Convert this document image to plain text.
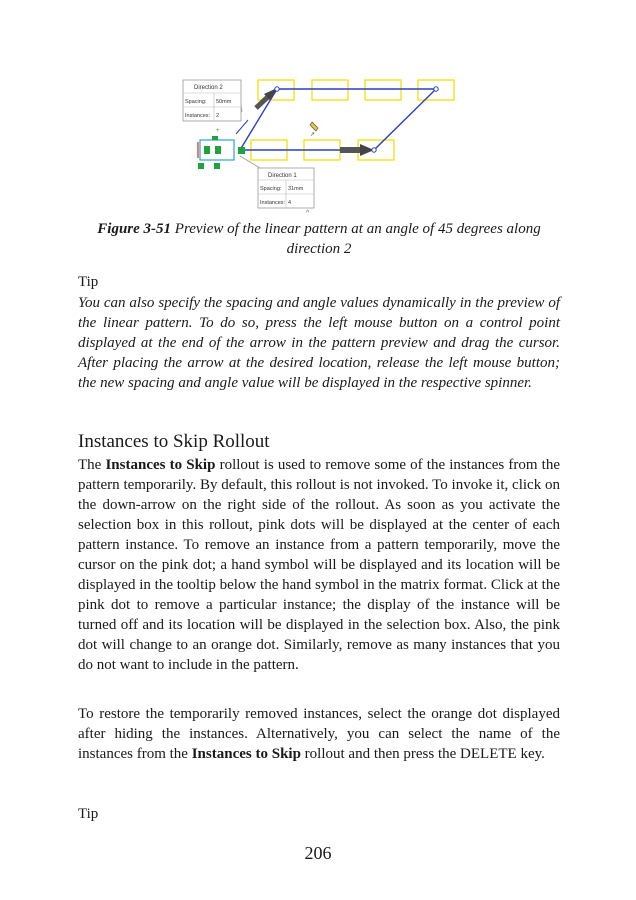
+
↗
Direction 2
Spacing: 50mm
Instances: 2
Direction 1
Spacing: 31mm
Instances: 4
^
Figure 3-51 Preview of the linear pattern at an angle of 45 degrees along direction 2
Tip
You can also specify the spacing and angle values dynamically in the preview of the linear pattern. To do so, press the left mouse button on a control point displayed at the end of the arrow in the pattern preview and drag the cursor. After placing the arrow at the desired location, release the left mouse button; the new spacing and angle value will be displayed in the respective spinner.
Instances to Skip Rollout
The Instances to Skip rollout is used to remove some of the instances from the pattern temporarily. By default, this rollout is not invoked. To invoke it, click on the down-arrow on the right side of the rollout. As soon as you activate the selection box in this rollout, pink dots will be displayed at the center of each pattern instance. To remove an instance from a pattern temporarily, move the cursor on the pink dot; a hand symbol will be displayed and its location will be displayed in the tooltip below the hand symbol in the matrix format. Click at the pink dot to remove a particular instance; the display of the instance will be turned off and its location will be displayed in the selection box. Also, the pink dot will change to an orange dot. Similarly, remove as many instances that you do not want to include in the pattern.
To restore the temporarily removed instances, select the orange dot displayed after hiding the instances. Alternatively, you can select the name of the instances from the Instances to Skip rollout and then press the DELETE key.
Tip
206
